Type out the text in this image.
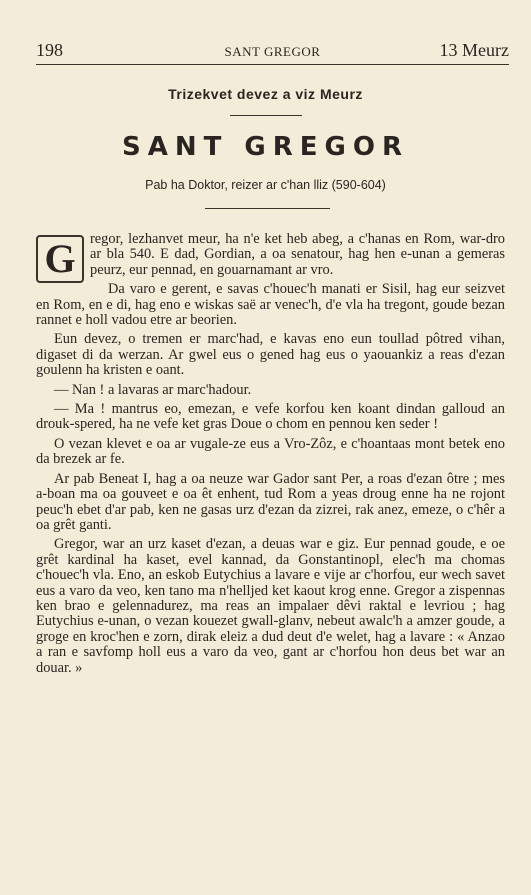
198	SANT GREGOR	13 Meurz
Trizekvet devez a viz Meurz
SANT GREGOR
Pab ha Doktor, reizer ar c'han lliz (590-604)

G	regor, lezhanvet meur, ha n'e ket heb abeg, a c'hanas en Rom, war-dro ar bla 540. E dad, Gordian, a oa senatour, hag hen e-unan a gemeras peurz, eur pennad, en gouarnamant ar vro.

Da varo e gerent, e savas c'houec'h manati er Sisil, hag eur seizvet en Rom, en e di, hag eno e wiskas saë ar venec'h, d'e vla ha tregont, goude bezan rannet e holl vadou etre ar beorien.

Eun devez, o tremen er marc'had, e kavas eno eun toullad pôtred vihan, digaset di da werzan. Ar gwel eus o gened hag eus o yaouankiz a reas d'ezan goulenn ha kristen e oant.

— Nan ! a lavaras ar marc'hadour.

— Ma ! mantrus eo, emezan, e vefe korfou ken koant dindan galloud an drouk-spered, ha ne vefe ket gras Doue o chom en pennou ken seder !

O vezan klevet e oa ar vugale-ze eus a Vro-Zôz, e c'hoantaas mont betek eno da brezek ar fe.

Ar pab Beneat I, hag a oa neuze war Gador sant Per, a roas d'ezan ôtre ; mes a-boan ma oa gouveet e oa êt enhent, tud Rom a yeas droug enne ha ne rojont peuc'h ebet d'ar pab, ken ne gasas urz d'ezan da zizrei, rak anez, emeze, o c'hêr a oa grêt ganti.

Gregor, war an urz kaset d'ezan, a deuas war e giz. Eur pennad goude, e oe grêt kardinal ha kaset, evel kannad, da Gonstantinopl, elec'h ma chomas c'houec'h vla. Eno, an eskob Eutychius a lavare e vije ar c'horfou, eur wech savet eus a varo da veo, ken tano ma n'helljed ket kaout krog enne. Gregor a zispennas ken brao e gelennadurez, ma reas an impalaer dêvi raktal e levriou ; hag Eutychius e-unan, o vezan kouezet gwall-glanv, nebeut awalc'h a amzer goude, a groge en kroc'hen e zorn, dirak eleiz a dud deut d'e welet, hag a lavare : « Anzao a ran e savfomp holl eus a varo da veo, gant ar c'horfou hon deus bet war an douar. »
